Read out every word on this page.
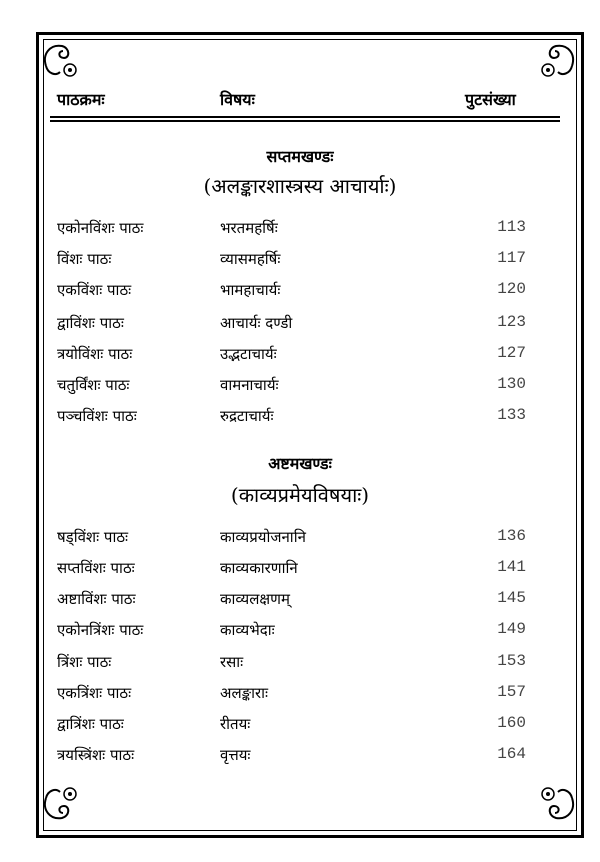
पाठक्रमः	विषयः	पुटसंख्या
सप्तमखण्डः
(अलङ्कारशास्त्रस्य आचार्याः)
एकोनविंशः पाठः	भरतमहर्षिः	113
विंशः पाठः	व्यासमहर्षिः	117
एकविंशः पाठः	भामहाचार्यः	120
द्वाविंशः पाठः	आचार्यः दण्डी	123
त्रयोविंशः पाठः	उद्भटाचार्यः	127
चतुर्विंशः पाठः	वामनाचार्यः	130
पञ्चविंशः पाठः	रुद्रटाचार्यः	133
अष्टमखण्डः
(काव्यप्रमेयविषयाः)
षड्विंशः पाठः	काव्यप्रयोजनानि	136
सप्तविंशः पाठः	काव्यकारणानि	141
अष्टाविंशः पाठः	काव्यलक्षणम्	145
एकोनत्रिंशः पाठः	काव्यभेदाः	149
त्रिंशः पाठः	रसाः	153
एकत्रिंशः पाठः	अलङ्काराः	157
द्वात्रिंशः पाठः	रीतयः	160
त्रयस्त्रिंशः पाठः	वृत्तयः	164
